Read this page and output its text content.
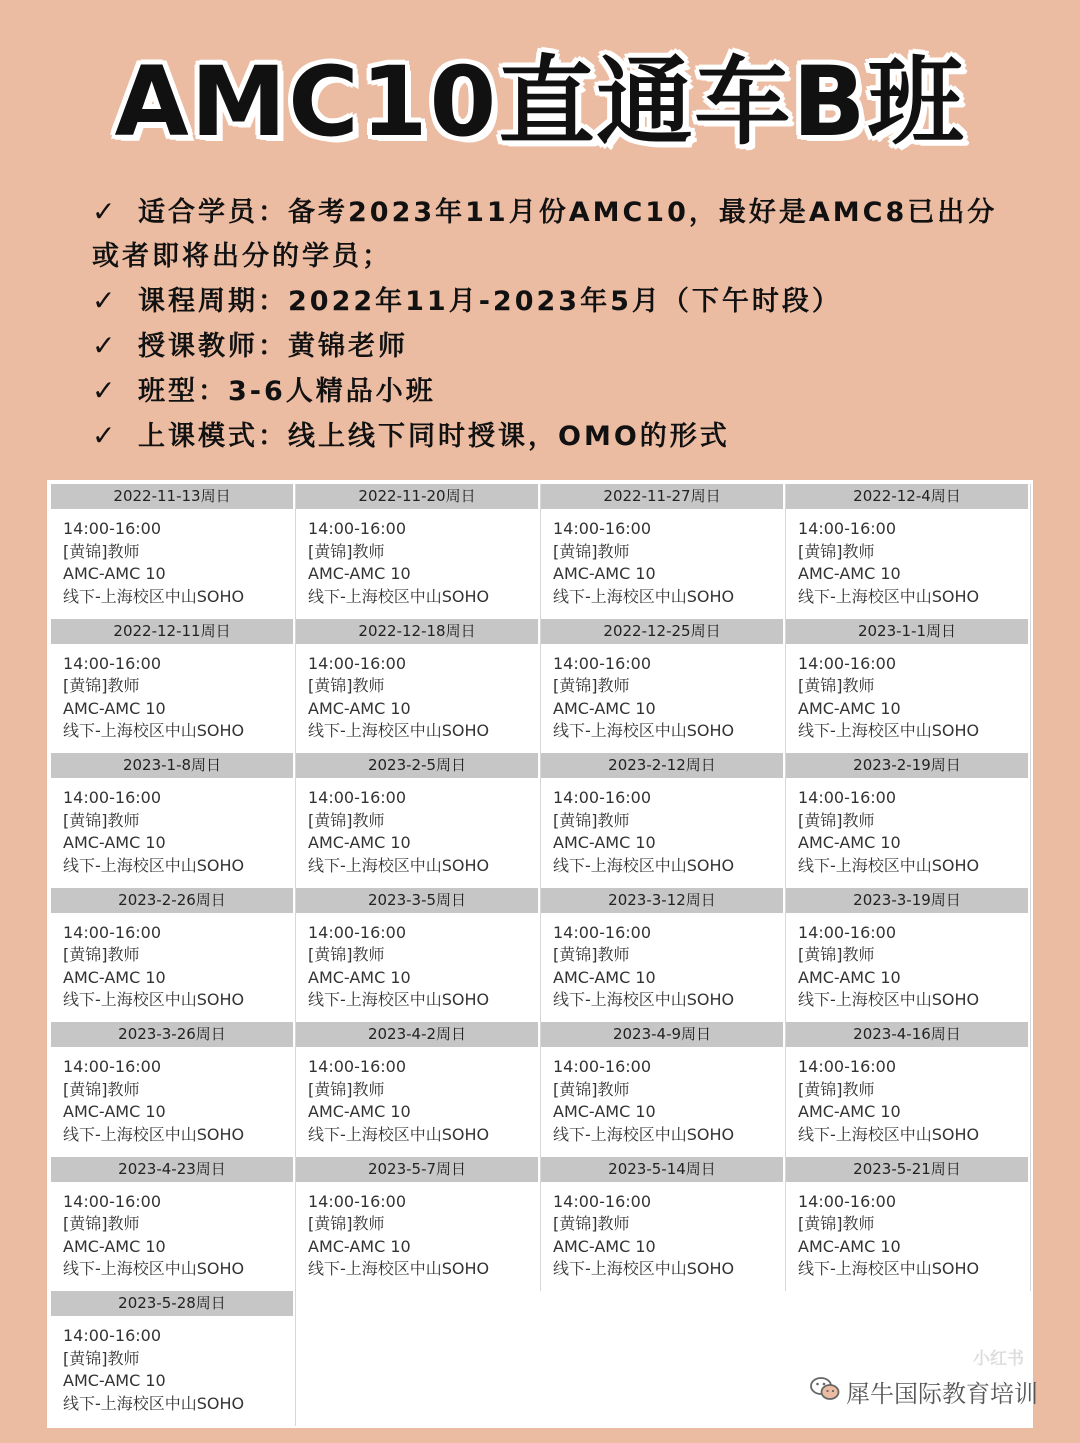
AMC10直通车B班
✓ 适合学员：备考2023年11月份AMC10，最好是AMC8已出分
或者即将出分的学员；
✓ 课程周期：2022年11月-2023年5月（下午时段）
✓ 授课教师：黄锦老师
✓ 班型：3-6人精品小班
✓ 上课模式：线上线下同时授课，OMO的形式
2022-11-13周日
14:00-16:00
[黄锦]教师
AMC-AMC 10
线下-上海校区中山SOHO
2022-11-20周日
14:00-16:00
[黄锦]教师
AMC-AMC 10
线下-上海校区中山SOHO
2022-11-27周日
14:00-16:00
[黄锦]教师
AMC-AMC 10
线下-上海校区中山SOHO
2022-12-4周日
14:00-16:00
[黄锦]教师
AMC-AMC 10
线下-上海校区中山SOHO
2022-12-11周日
14:00-16:00
[黄锦]教师
AMC-AMC 10
线下-上海校区中山SOHO
2022-12-18周日
14:00-16:00
[黄锦]教师
AMC-AMC 10
线下-上海校区中山SOHO
2022-12-25周日
14:00-16:00
[黄锦]教师
AMC-AMC 10
线下-上海校区中山SOHO
2023-1-1周日
14:00-16:00
[黄锦]教师
AMC-AMC 10
线下-上海校区中山SOHO
2023-1-8周日
14:00-16:00
[黄锦]教师
AMC-AMC 10
线下-上海校区中山SOHO
2023-2-5周日
14:00-16:00
[黄锦]教师
AMC-AMC 10
线下-上海校区中山SOHO
2023-2-12周日
14:00-16:00
[黄锦]教师
AMC-AMC 10
线下-上海校区中山SOHO
2023-2-19周日
14:00-16:00
[黄锦]教师
AMC-AMC 10
线下-上海校区中山SOHO
2023-2-26周日
14:00-16:00
[黄锦]教师
AMC-AMC 10
线下-上海校区中山SOHO
2023-3-5周日
14:00-16:00
[黄锦]教师
AMC-AMC 10
线下-上海校区中山SOHO
2023-3-12周日
14:00-16:00
[黄锦]教师
AMC-AMC 10
线下-上海校区中山SOHO
2023-3-19周日
14:00-16:00
[黄锦]教师
AMC-AMC 10
线下-上海校区中山SOHO
2023-3-26周日
14:00-16:00
[黄锦]教师
AMC-AMC 10
线下-上海校区中山SOHO
2023-4-2周日
14:00-16:00
[黄锦]教师
AMC-AMC 10
线下-上海校区中山SOHO
2023-4-9周日
14:00-16:00
[黄锦]教师
AMC-AMC 10
线下-上海校区中山SOHO
2023-4-16周日
14:00-16:00
[黄锦]教师
AMC-AMC 10
线下-上海校区中山SOHO
2023-4-23周日
14:00-16:00
[黄锦]教师
AMC-AMC 10
线下-上海校区中山SOHO
2023-5-7周日
14:00-16:00
[黄锦]教师
AMC-AMC 10
线下-上海校区中山SOHO
2023-5-14周日
14:00-16:00
[黄锦]教师
AMC-AMC 10
线下-上海校区中山SOHO
2023-5-21周日
14:00-16:00
[黄锦]教师
AMC-AMC 10
线下-上海校区中山SOHO
2023-5-28周日
14:00-16:00
[黄锦]教师
AMC-AMC 10
线下-上海校区中山SOHO
小红书
犀牛国际教育培训
